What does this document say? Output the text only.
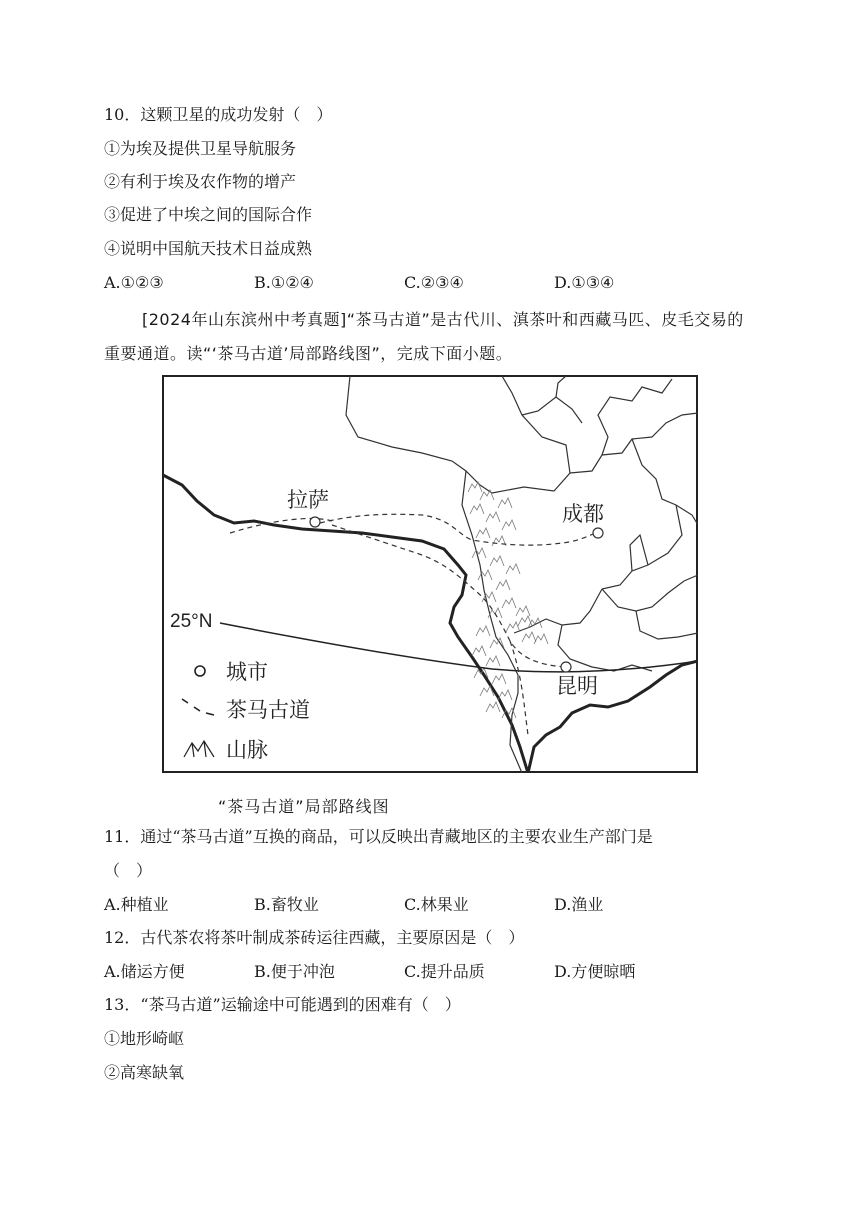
10．这颗卫星的成功发射（　）
①为埃及提供卫星导航服务
②有利于埃及农作物的增产
③促进了中埃之间的国际合作
④说明中国航天技术日益成熟
A.①②③	B.①②④	C.②③④	D.①③④
[2024年山东滨州中考真题]“茶马古道”是古代川、滇茶叶和西藏马匹、皮毛交易的重要通道。读“‘茶马古道’局部路线图”，完成下面小题。
25°N
拉萨
成都
昆明
城市
茶马古道
山脉
“茶马古道”局部路线图
11．通过“茶马古道”互换的商品，可以反映出青藏地区的主要农业生产部门是
（　）
A.种植业	B.畜牧业	C.林果业	D.渔业
12．古代茶农将茶叶制成茶砖运往西藏，主要原因是（　）
A.储运方便	B.便于冲泡	C.提升品质	D.方便晾晒
13．“茶马古道”运输途中可能遇到的困难有（　）
①地形崎岖
②高寒缺氧
